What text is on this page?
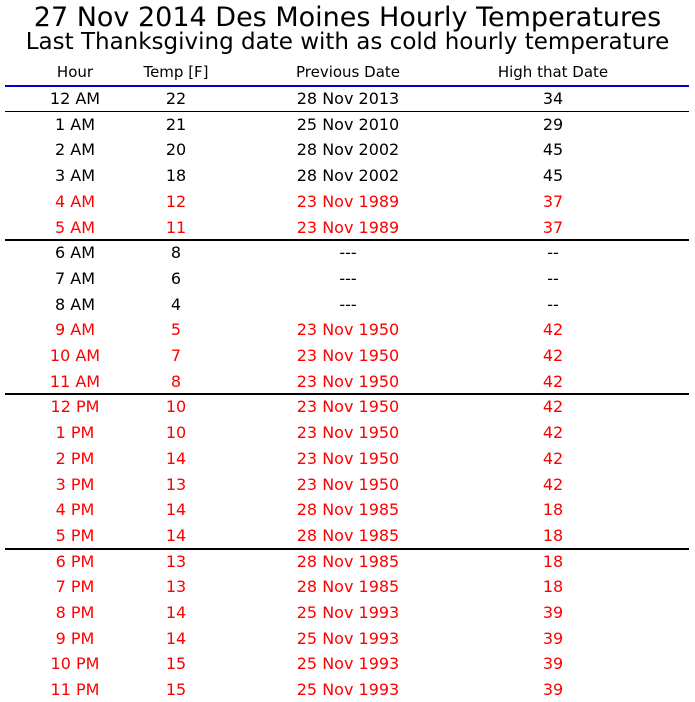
27 Nov 2014 Des Moines Hourly Temperatures
Last Thanksgiving date with as cold hourly temperature
Hour	Temp [F]	Previous Date	High that Date
12 AM	22	28 Nov 2013	34
1 AM	21	25 Nov 2010	29
2 AM	20	28 Nov 2002	45
3 AM	18	28 Nov 2002	45
4 AM	12	23 Nov 1989	37
5 AM	11	23 Nov 1989	37
6 AM	8	---	--
7 AM	6	---	--
8 AM	4	---	--
9 AM	5	23 Nov 1950	42
10 AM	7	23 Nov 1950	42
11 AM	8	23 Nov 1950	42
12 PM	10	23 Nov 1950	42
1 PM	10	23 Nov 1950	42
2 PM	14	23 Nov 1950	42
3 PM	13	23 Nov 1950	42
4 PM	14	28 Nov 1985	18
5 PM	14	28 Nov 1985	18
6 PM	13	28 Nov 1985	18
7 PM	13	28 Nov 1985	18
8 PM	14	25 Nov 1993	39
9 PM	14	25 Nov 1993	39
10 PM	15	25 Nov 1993	39
11 PM	15	25 Nov 1993	39
